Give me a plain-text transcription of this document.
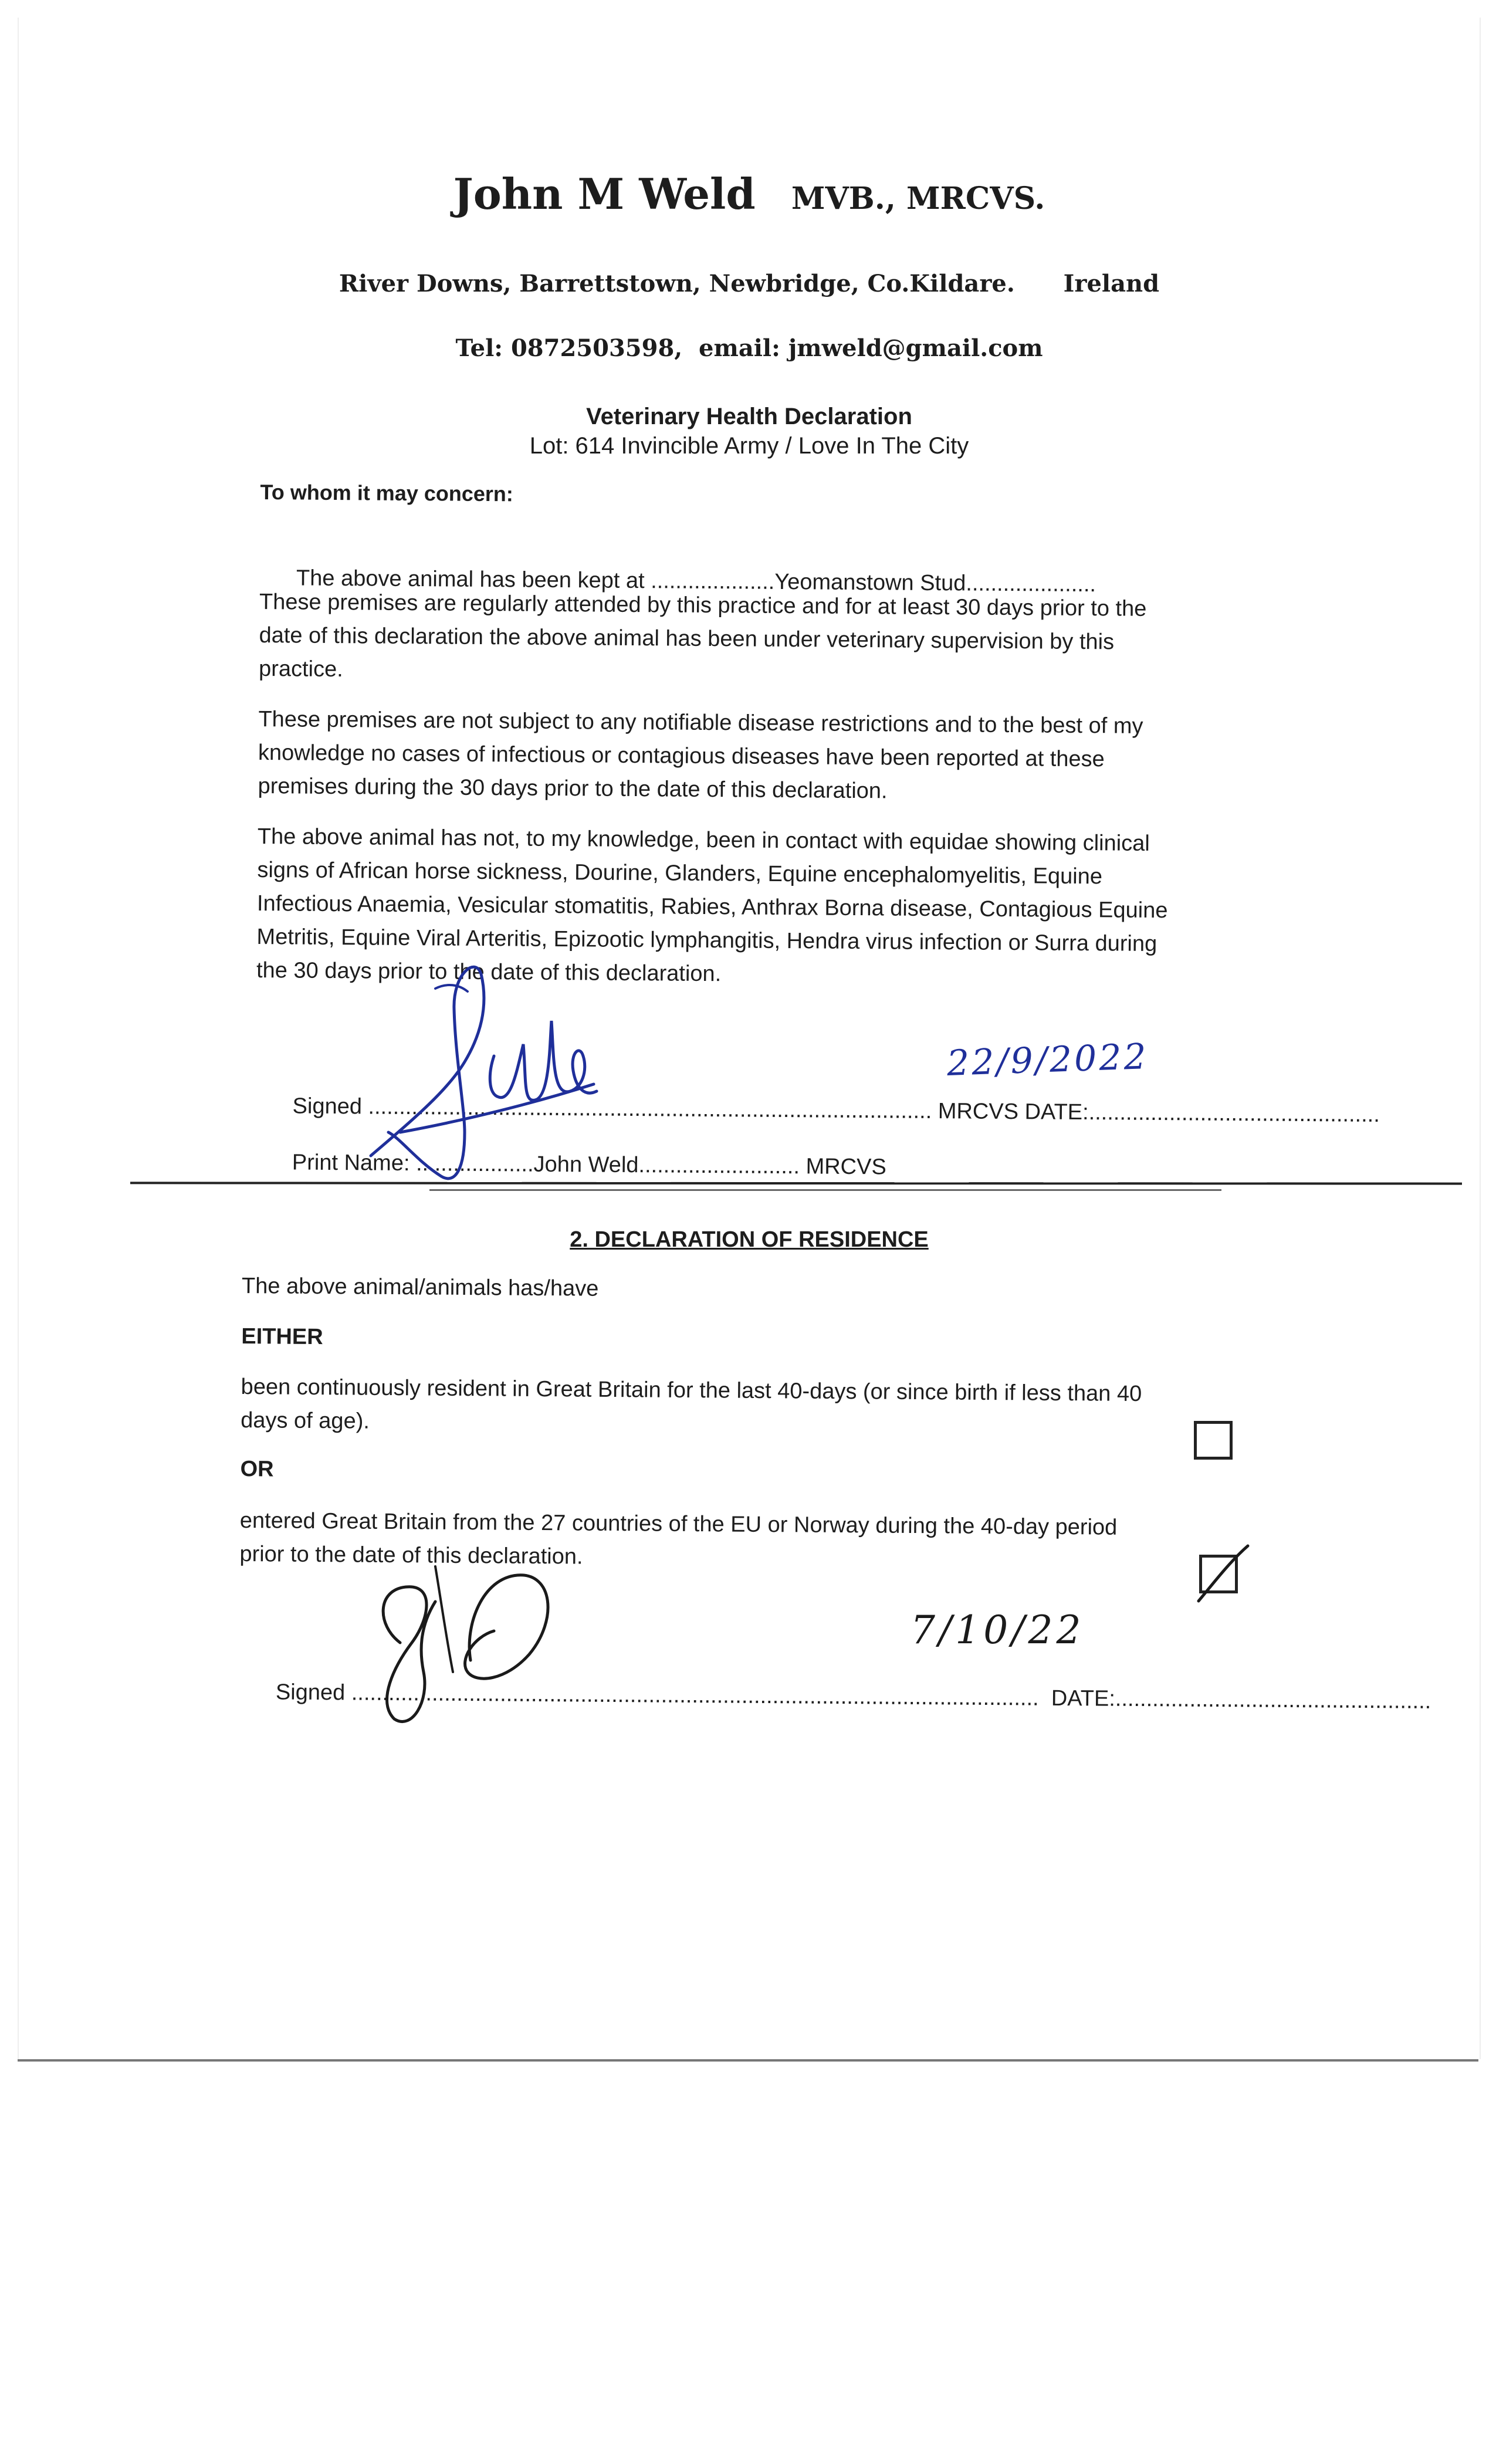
John M Weld MVB., MRCVS.
River Downs, Barrettstown, Newbridge, Co.Kildare. Ireland
Tel: 0872503598,  email: jmweld@gmail.com
Veterinary Health Declaration
Lot: 614 Invincible Army / Love In The City
To whom it may concern:

The above animal has been kept at ....................Yeomanstown Stud.....................

These premises are regularly attended by this practice and for at least 30 days prior to the
date of this declaration the above animal has been under veterinary supervision by this
practice.
These premises are not subject to any notifiable disease restrictions and to the best of my
knowledge no cases of infectious or contagious diseases have been reported at these
premises during the 30 days prior to the date of this declaration.
The above animal has not, to my knowledge, been in contact with equidae showing clinical
signs of African horse sickness, Dourine, Glanders, Equine encephalomyelitis, Equine
Infectious Anaemia, Vesicular stomatitis, Rabies, Anthrax Borna disease, Contagious Equine
Metritis, Equine Viral Arteritis, Epizootic lymphangitis, Hendra virus infection or Surra during
the 30 days prior to the date of this declaration.

Signed ........................................................................................... MRCVS DATE:...............................................

Print Name: ...................John Weld.......................... MRCVS

22/9/2022
2. DECLARATION OF RESIDENCE
The above animal/animals has/have
EITHER
been continuously resident in Great Britain for the last 40-days (or since birth if less than 40
days of age).
OR
entered Great Britain from the 27 countries of the EU or Norway during the 40-day period
prior to the date of this declaration.

Signed ...............................................................................................................  DATE:...................................................

7/10/22
